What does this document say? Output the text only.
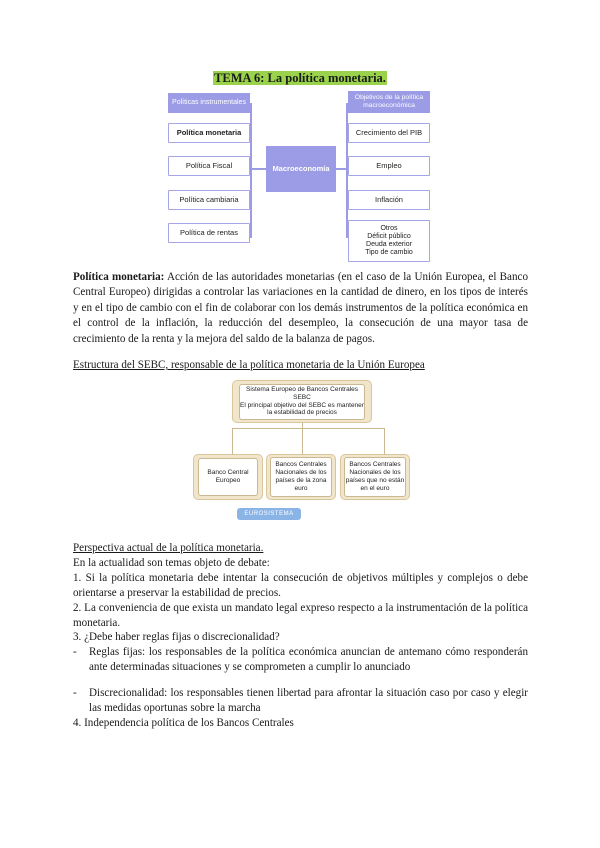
TEMA 6: La política monetaria.
Políticas instrumentales
Política monetaria
Política Fiscal
Política cambiaria
Política de rentas
Macroeconomía
Objetivos de la política macroeconómica
Crecimiento del PIB
Empleo
Inflación
Otros
Déficit público
Deuda exterior
Tipo de cambio
Política monetaria: Acción de las autoridades monetarias (en el caso de la Unión Europea, el Banco Central Europeo) dirigidas a controlar las variaciones en la cantidad de dinero, en los tipos de interés y en el tipo de cambio con el fin de colaborar con los demás instrumentos de la política económica en el control de la inflación, la reducción del desempleo, la consecución de una mayor tasa de crecimiento de la renta y la mejora del saldo de la balanza de pagos.
Estructura del SEBC, responsable de la política monetaria de la Unión Europea
Sistema Europeo de Bancos Centrales
SEBC
El principal objetivo del SEBC es mantener la estabilidad de precios
Banco Central Europeo
Bancos Centrales Nacionales de los países de la zona euro
Bancos Centrales Nacionales de los países que no están en el euro
EUROSISTEMA
Perspectiva actual de la política monetaria.
En la actualidad son temas objeto de debate:
1. Si la política monetaria debe intentar la consecución de objetivos múltiples y complejos o debe orientarse a preservar la estabilidad de precios.
2. La conveniencia de que exista un mandato legal expreso respecto a la instrumentación de la política monetaria.
3. ¿Debe haber reglas fijas o discrecionalidad?
- Reglas fijas: los responsables de la política económica anuncian de antemano cómo responderán ante determinadas situaciones y se comprometen a cumplir lo anunciado
- Discrecionalidad: los responsables tienen libertad para afrontar la situación caso por caso y elegir las medidas oportunas sobre la marcha
4. Independencia política de los Bancos Centrales
